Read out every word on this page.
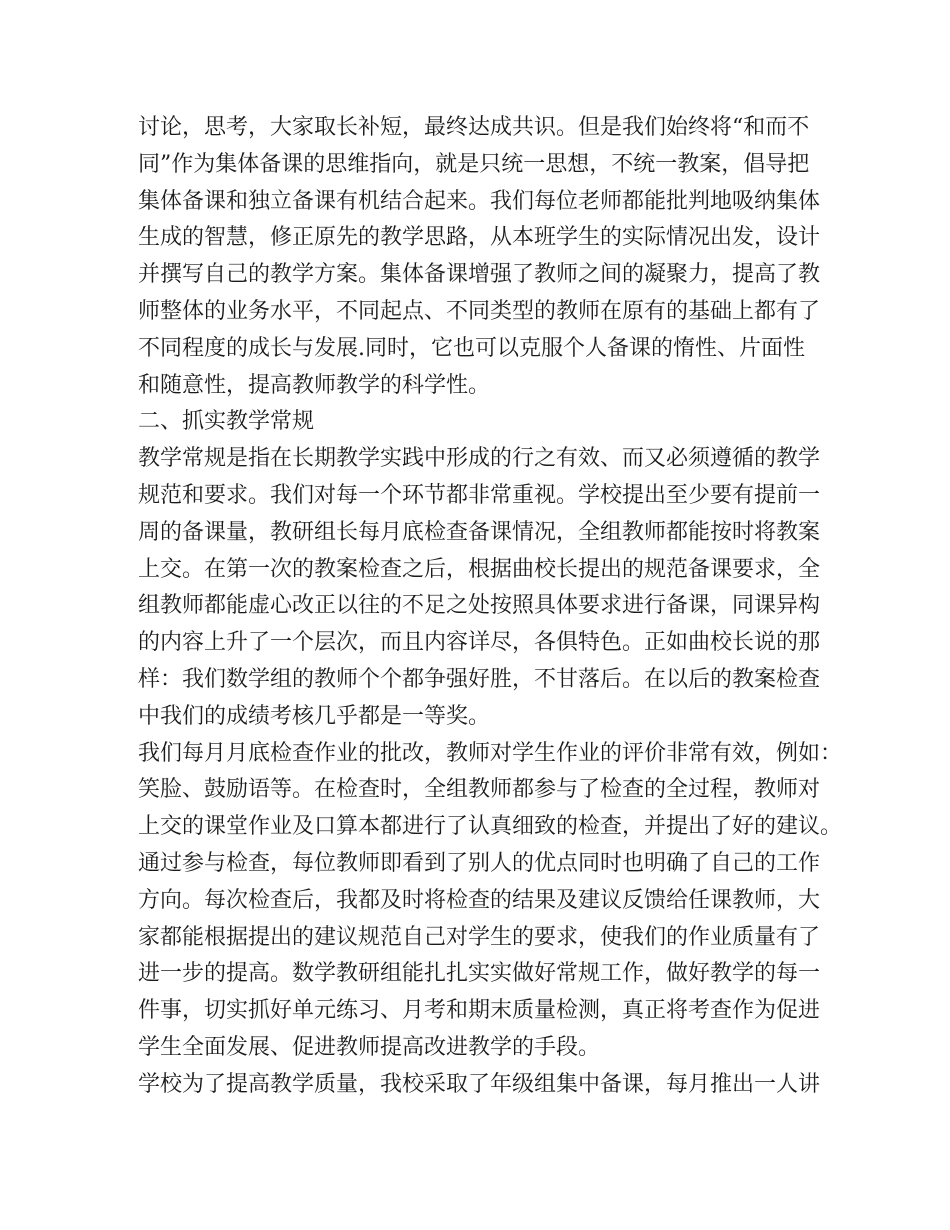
讨论，思考，大家取长补短，最终达成共识。但是我们始终将“和而不
同”作为集体备课的思维指向，就是只统一思想，不统一教案，倡导把
集体备课和独立备课有机结合起来。我们每位老师都能批判地吸纳集体
生成的智慧，修正原先的教学思路，从本班学生的实际情况出发，设计
并撰写自己的教学方案。集体备课增强了教师之间的凝聚力，提高了教
师整体的业务水平，不同起点、不同类型的教师在原有的基础上都有了
不同程度的成长与发展.同时，它也可以克服个人备课的惰性、片面性
和随意性，提高教师教学的科学性。
二、抓实教学常规
教学常规是指在长期教学实践中形成的行之有效、而又必须遵循的教学
规范和要求。我们对每一个环节都非常重视。学校提出至少要有提前一
周的备课量，教研组长每月底检查备课情况，全组教师都能按时将教案
上交。在第一次的教案检查之后，根据曲校长提出的规范备课要求，全
组教师都能虚心改正以往的不足之处按照具体要求进行备课，同课异构
的内容上升了一个层次，而且内容详尽，各俱特色。正如曲校长说的那
样：我们数学组的教师个个都争强好胜，不甘落后。在以后的教案检查
中我们的成绩考核几乎都是一等奖。
我们每月月底检查作业的批改，教师对学生作业的评价非常有效，例如：
笑脸、鼓励语等。在检查时，全组教师都参与了检查的全过程，教师对
上交的课堂作业及口算本都进行了认真细致的检查，并提出了好的建议。
通过参与检查，每位教师即看到了别人的优点同时也明确了自己的工作
方向。每次检查后，我都及时将检查的结果及建议反馈给任课教师，大
家都能根据提出的建议规范自己对学生的要求，使我们的作业质量有了
进一步的提高。数学教研组能扎扎实实做好常规工作，做好教学的每一
件事，切实抓好单元练习、月考和期末质量检测，真正将考查作为促进
学生全面发展、促进教师提高改进教学的手段。
学校为了提高教学质量，我校采取了年级组集中备课，每月推出一人讲
